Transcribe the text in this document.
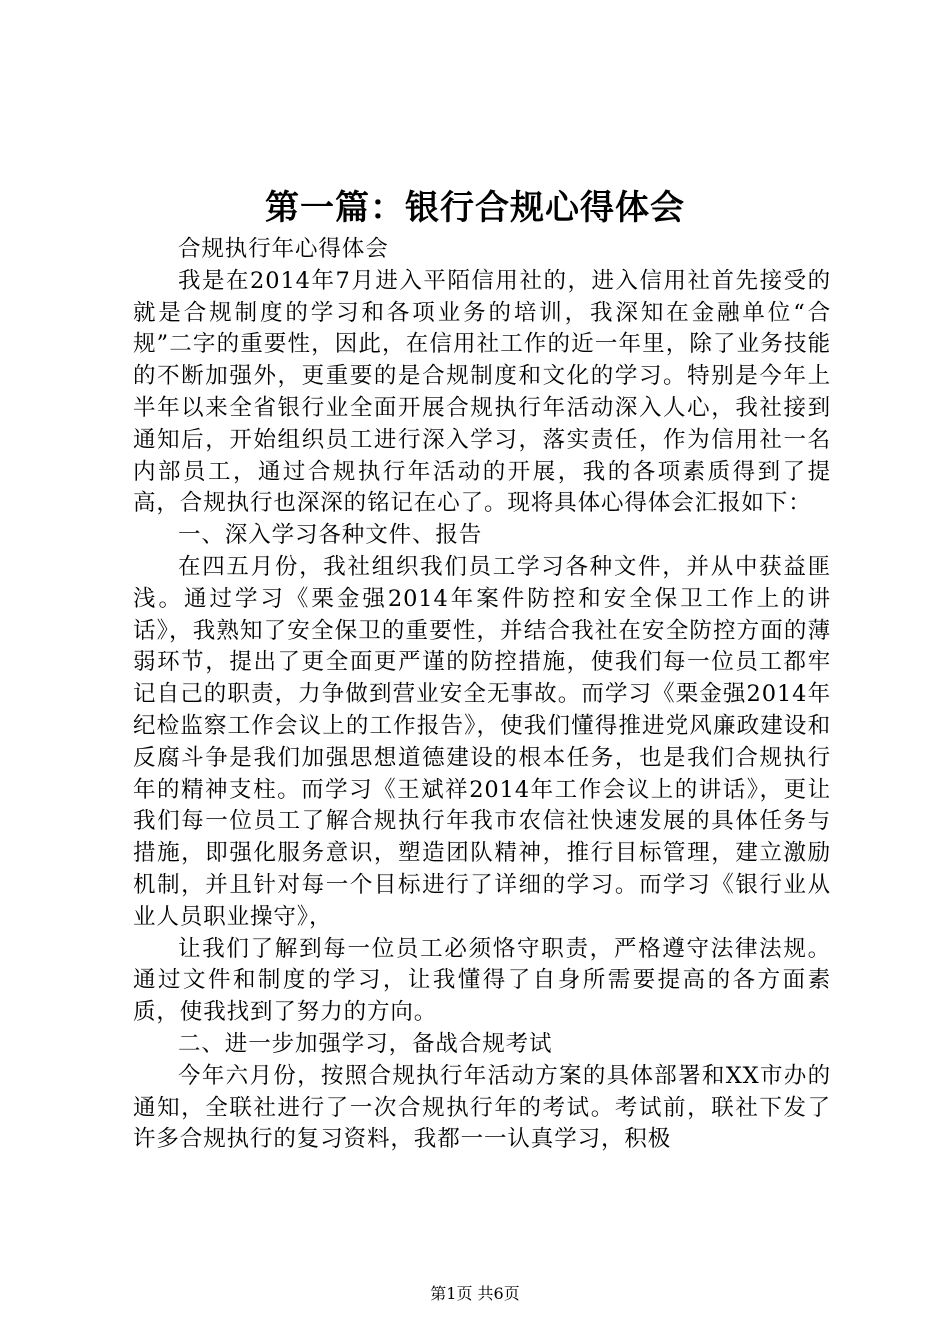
第一篇：银行合规心得体会

合规执行年心得体会

我是在2014年7月进入平陌信用社的，进入信用社首先接受的就是合规制度的学习和各项业务的培训，我深知在金融单位“合规”二字的重要性，因此，在信用社工作的近一年里，除了业务技能的不断加强外，更重要的是合规制度和文化的学习。特别是今年上半年以来全省银行业全面开展合规执行年活动深入人心，我社接到通知后，开始组织员工进行深入学习，落实责任，作为信用社一名内部员工，通过合规执行年活动的开展，我的各项素质得到了提高，合规执行也深深的铭记在心了。现将具体心得体会汇报如下：

一、深入学习各种文件、报告

在四五月份，我社组织我们员工学习各种文件，并从中获益匪浅。通过学习《栗金强2014年案件防控和安全保卫工作上的讲话》，我熟知了安全保卫的重要性，并结合我社在安全防控方面的薄弱环节，提出了更全面更严谨的防控措施，使我们每一位员工都牢记自己的职责，力争做到营业安全无事故。而学习《栗金强2014年纪检监察工作会议上的工作报告》，使我们懂得推进党风廉政建设和反腐斗争是我们加强思想道德建设的根本任务，也是我们合规执行年的精神支柱。而学习《王斌祥2014年工作会议上的讲话》，更让我们每一位员工了解合规执行年我市农信社快速发展的具体任务与措施，即强化服务意识，塑造团队精神，推行目标管理，建立激励机制，并且针对每一个目标进行了详细的学习。而学习《银行业从业人员职业操守》，

让我们了解到每一位员工必须恪守职责，严格遵守法律法规。通过文件和制度的学习，让我懂得了自身所需要提高的各方面素质，使我找到了努力的方向。

二、进一步加强学习，备战合规考试

今年六月份，按照合规执行年活动方案的具体部署和XX市办的通知，全联社进行了一次合规执行年的考试。考试前，联社下发了许多合规执行的复习资料，我都一一认真学习，积极

第1页 共6页
